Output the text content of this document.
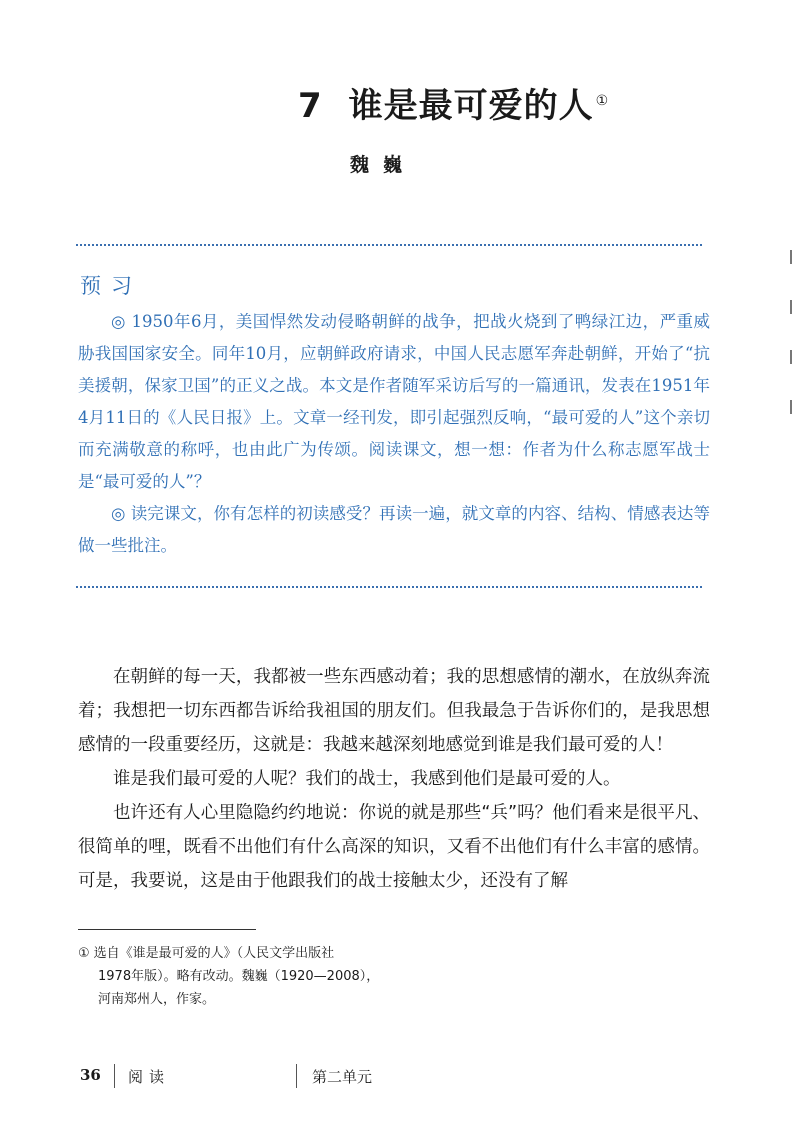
7 谁是最可爱的人 ①
魏巍
预习

◎ 1950年6月，美国悍然发动侵略朝鲜的战争，把战火烧到了鸭绿江边，严重威胁我国国家安全。同年10月，应朝鲜政府请求，中国人民志愿军奔赴朝鲜，开始了“抗美援朝，保家卫国”的正义之战。本文是作者随军采访后写的一篇通讯，发表在1951年4月11日的《人民日报》上。文章一经刊发，即引起强烈反响，“最可爱的人”这个亲切而充满敬意的称呼，也由此广为传颂。阅读课文，想一想：作者为什么称志愿军战士是“最可爱的人”？

◎ 读完课文，你有怎样的初读感受？再读一遍，就文章的内容、结构、情感表达等做一些批注。

在朝鲜的每一天，我都被一些东西感动着；我的思想感情的潮水，在放纵奔流着；我想把一切东西都告诉给我祖国的朋友们。但我最急于告诉你们的，是我思想感情的一段重要经历，这就是：我越来越深刻地感觉到谁是我们最可爱的人！

谁是我们最可爱的人呢？我们的战士，我感到他们是最可爱的人。

也许还有人心里隐隐约约地说：你说的就是那些“兵”吗？他们看来是很平凡、很简单的哩，既看不出他们有什么高深的知识，又看不出他们有什么丰富的感情。可是，我要说，这是由于他跟我们的战士接触太少，还没有了解

① 选自《谁是最可爱的人》（人民文学出版社
1978年版）。略有改动。魏巍（1920—2008），
河南郑州人，作家。
36 阅读	第二单元
